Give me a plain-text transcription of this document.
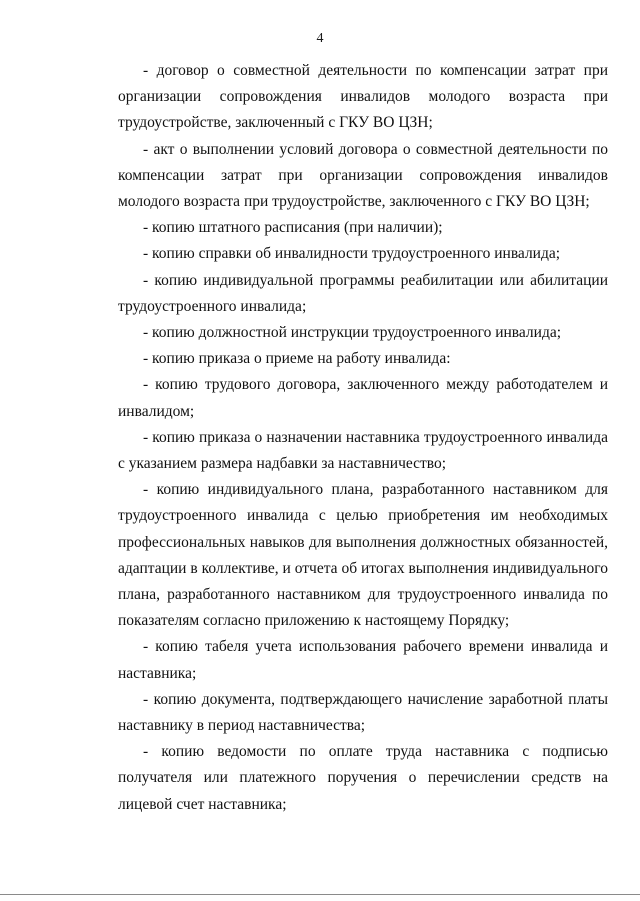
4

- договор о совместной деятельности по компенсации затрат при организации сопровождения инвалидов молодого возраста при трудоустройстве, заключенный с ГКУ ВО ЦЗН;

- акт о выполнении условий договора о совместной деятельности по компенсации затрат при организации сопровождения инвалидов молодого возраста при трудоустройстве, заключенного с ГКУ ВО ЦЗН;

- копию штатного расписания (при наличии);

- копию справки об инвалидности трудоустроенного инвалида;

- копию индивидуальной программы реабилитации или абилитации трудоустроенного инвалида;

- копию должностной инструкции трудоустроенного инвалида;

- копию приказа о приеме на работу инвалида:

- копию трудового договора, заключенного между работодателем и инвалидом;

- копию приказа о назначении наставника трудоустроенного инвалида с указанием размера надбавки за наставничество;

- копию индивидуального плана, разработанного наставником для трудоустроенного инвалида с целью приобретения им необходимых профессиональных навыков для выполнения должностных обязанностей, адаптации в коллективе, и отчета об итогах выполнения индивидуального плана, разработанного наставником для трудоустроенного инвалида по показателям согласно приложению к настоящему Порядку;

- копию табеля учета использования рабочего времени инвалида и наставника;

- копию документа, подтверждающего начисление заработной платы наставнику в период наставничества;

- копию ведомости по оплате труда наставника с подписью получателя или платежного поручения о перечислении средств на лицевой счет наставника;
